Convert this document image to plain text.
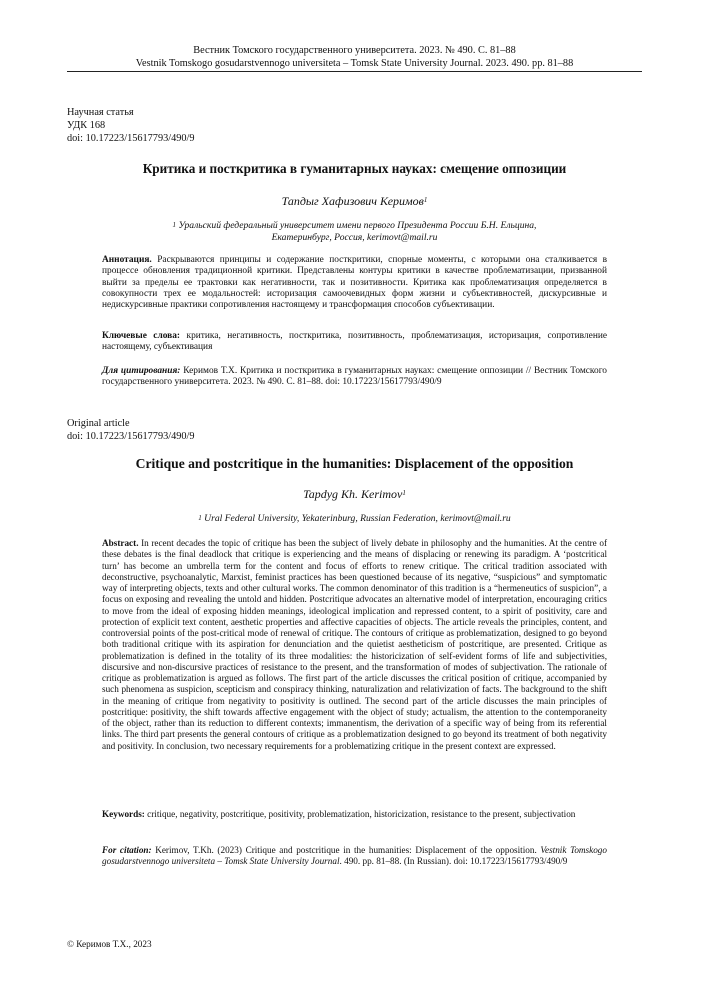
Вестник Томского государственного университета. 2023. № 490. С. 81–88
Vestnik Tomskogo gosudarstvennogo universiteta – Tomsk State University Journal. 2023. 490. pp. 81–88
Научная статья
УДК 168
doi: 10.17223/15617793/490/9
Критика и посткритика в гуманитарных науках: смещение оппозиции
Тапдыг Хафизович Керимов$^1$
$^1$ Уральский федеральный университет имени первого Президента России Б.Н. Ельцина,
Екатеринбург, Россия, kerimovt@mail.ru

Аннотация. Раскрываются принципы и содержание посткритики, спорные моменты, с которыми она сталкивается в процессе обновления традиционной критики. Представлены контуры критики в качестве проблематизации, призванной выйти за пределы ее трактовки как негативности, так и позитивности. Критика как проблематизация определяется в совокупности трех ее модальностей: историзация самоочевидных форм жизни и субъективностей, дискурсивные и недискурсивные практики сопротивления настоящему и трансформация способов субъективации.

Ключевые слова: критика, негативность, посткритика, позитивность, проблематизация, историзация, сопротивление настоящему, субъективация

Для цитирования: Керимов Т.Х. Критика и посткритика в гуманитарных науках: смещение оппозиции // Вестник Томского государственного университета. 2023. № 490. С. 81–88. doi: 10.17223/15617793/490/9

Original article
doi: 10.17223/15617793/490/9
Critique and postcritique in the humanities: Displacement of the opposition
Tapdyg Kh. Kerimov$^1$
$^1$ Ural Federal University, Yekaterinburg, Russian Federation, kerimovt@mail.ru

Abstract. In recent decades the topic of critique has been the subject of lively debate in philosophy and the humanities. At the centre of these debates is the final deadlock that critique is experiencing and the means of displacing or renewing its paradigm. A ‘postcritical turn’ has become an umbrella term for the content and focus of efforts to renew critique. The critical tradition associated with deconstructive, psychoanalytic, Marxist, feminist practices has been questioned because of its negative, “suspicious” and symptomatic way of interpreting objects, texts and other cultural works. The common denominator of this tradition is a “hermeneutics of suspicion”, a focus on exposing and revealing the untold and hidden. Postcritique advocates an alternative model of interpretation, encouraging critics to move from the ideal of exposing hidden meanings, ideological implication and repressed content, to a spirit of positivity, care and protection of explicit text content, aesthetic properties and affective capacities of objects. The article reveals the principles, content, and controversial points of the post-critical mode of renewal of critique. The contours of critique as problematization, designed to go beyond both traditional critique with its aspiration for denunciation and the quietist aestheticism of postcritique, are presented. Critique as problematization is defined in the totality of its three modalities: the historicization of self-evident forms of life and subjectivities, discursive and non-discursive practices of resistance to the present, and the transformation of modes of subjectivation. The rationale of critique as problematization is argued as follows. The first part of the article discusses the critical position of critique, accompanied by such phenomena as suspicion, scepticism and conspiracy thinking, naturalization and relativization of facts. The background to the shift in the meaning of critique from negativity to positivity is outlined. The second part of the article discusses the main principles of postcritique: positivity, the shift towards affective engagement with the object of study; actualism, the attention to the contemporaneity of the object, rather than its reduction to different contexts; immanentism, the derivation of a specific way of being from its referential links. The third part presents the general contours of critique as a problematization designed to go beyond its treatment of both negativity and positivity. In conclusion, two necessary requirements for a problematizing critique in the present context are expressed.

Keywords: critique, negativity, postcritique, positivity, problematization, historicization, resistance to the present, subjectivation

For citation: Kerimov, T.Kh. (2023) Critique and postcritique in the humanities: Displacement of the opposition. Vestnik Tomskogo gosudarstvennogo universiteta – Tomsk State University Journal. 490. pp. 81–88. (In Russian). doi: 10.17223/15617793/490/9

© Керимов Т.Х., 2023
